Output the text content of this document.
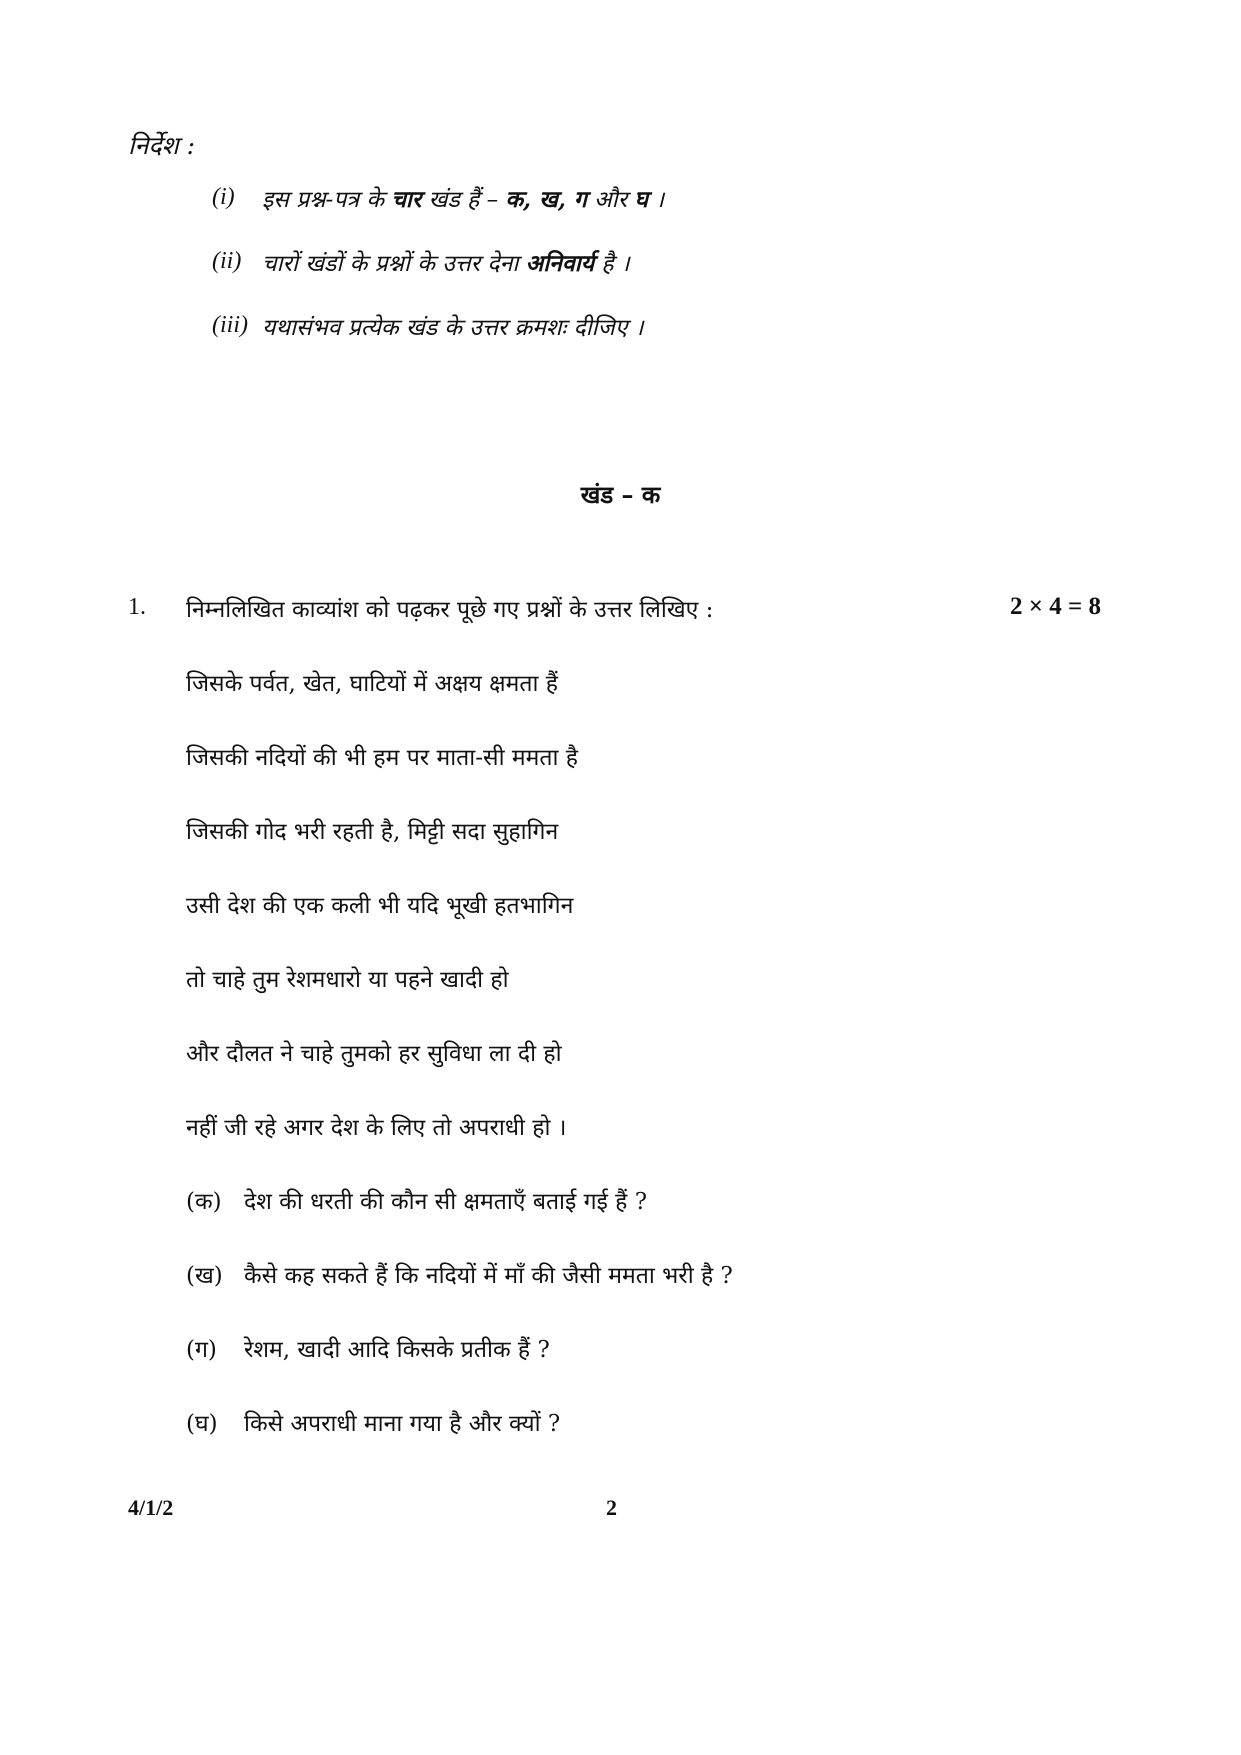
निर्देश :
(i) इस प्रश्न-पत्र के चार खंड हैं – क, ख, ग और घ ।
(ii) चारों खंडों के प्रश्नों के उत्तर देना अनिवार्य है ।
(iii) यथासंभव प्रत्येक खंड के उत्तर क्रमशः दीजिए ।
खंड – क
1. निम्नलिखित काव्यांश को पढ़कर पूछे गए प्रश्नों के उत्तर लिखिए :	2 × 4 = 8
जिसके पर्वत, खेत, घाटियों में अक्षय क्षमता हैं
जिसकी नदियों की भी हम पर माता-सी ममता है
जिसकी गोद भरी रहती है, मिट्टी सदा सुहागिन
उसी देश की एक कली भी यदि भूखी हतभागिन
तो चाहे तुम रेशमधारो या पहने खादी हो
और दौलत ने चाहे तुमको हर सुविधा ला दी हो
नहीं जी रहे अगर देश के लिए तो अपराधी हो ।
(क) देश की धरती की कौन सी क्षमताएँ बताई गई हैं ?
(ख) कैसे कह सकते हैं कि नदियों में माँ की जैसी ममता भरी है ?
(ग) रेशम, खादी आदि किसके प्रतीक हैं ?
(घ) किसे अपराधी माना गया है और क्यों ?
4/1/2	2
